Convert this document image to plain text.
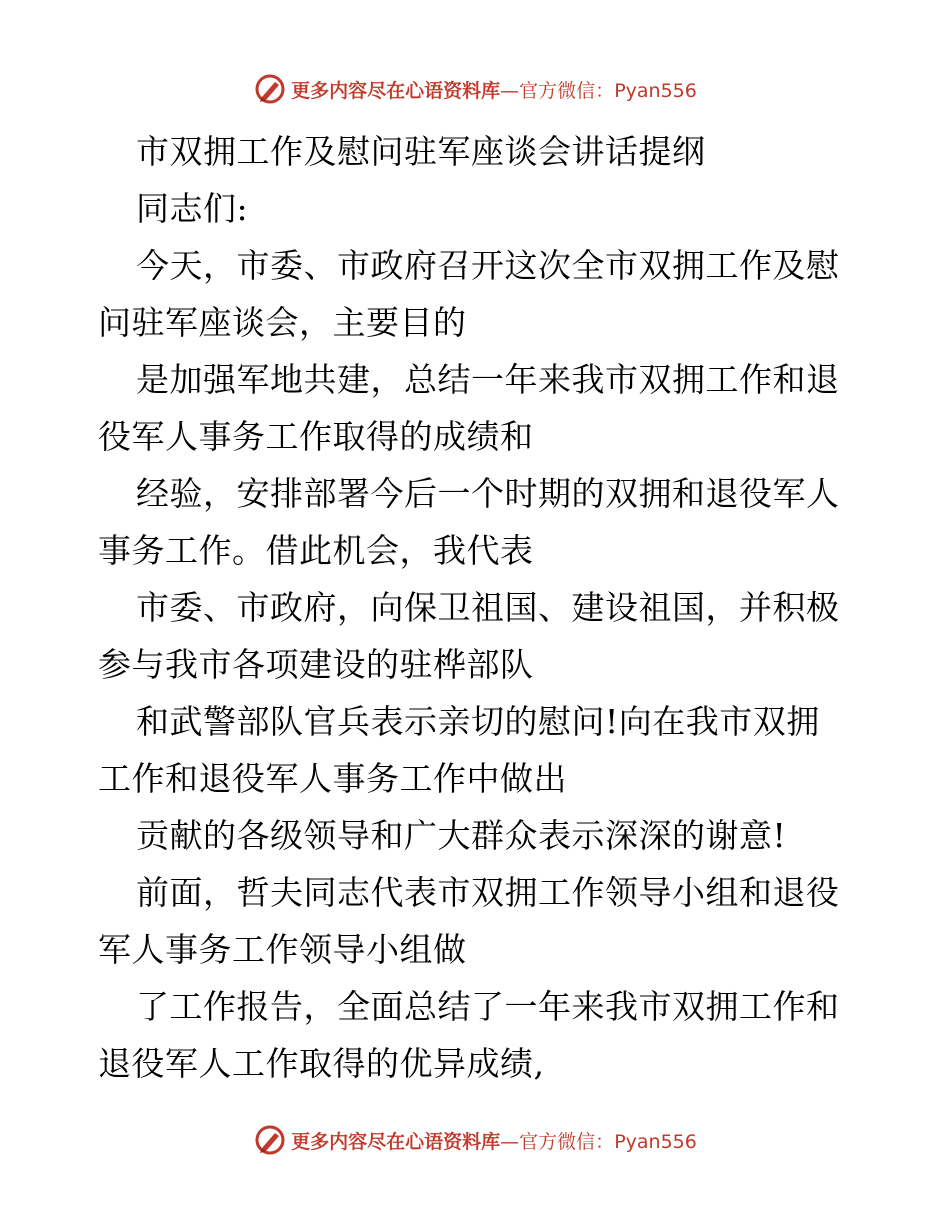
更多内容尽在心语资料库—官方微信：Pyan556
市双拥工作及慰问驻军座谈会讲话提纲
同志们:
今天，市委、市政府召开这次全市双拥工作及慰
问驻军座谈会，主要目的
是加强军地共建，总结一年来我市双拥工作和退
役军人事务工作取得的成绩和
经验，安排部署今后一个时期的双拥和退役军人
事务工作。借此机会，我代表
市委、市政府，向保卫祖国、建设祖国，并积极
参与我市各项建设的驻桦部队
和武警部队官兵表示亲切的慰问!向在我市双拥
工作和退役军人事务工作中做出
贡献的各级领导和广大群众表示深深的谢意!
前面，哲夫同志代表市双拥工作领导小组和退役
军人事务工作领导小组做
了工作报告，全面总结了一年来我市双拥工作和
退役军人工作取得的优异成绩,
更多内容尽在心语资料库—官方微信：Pyan556
